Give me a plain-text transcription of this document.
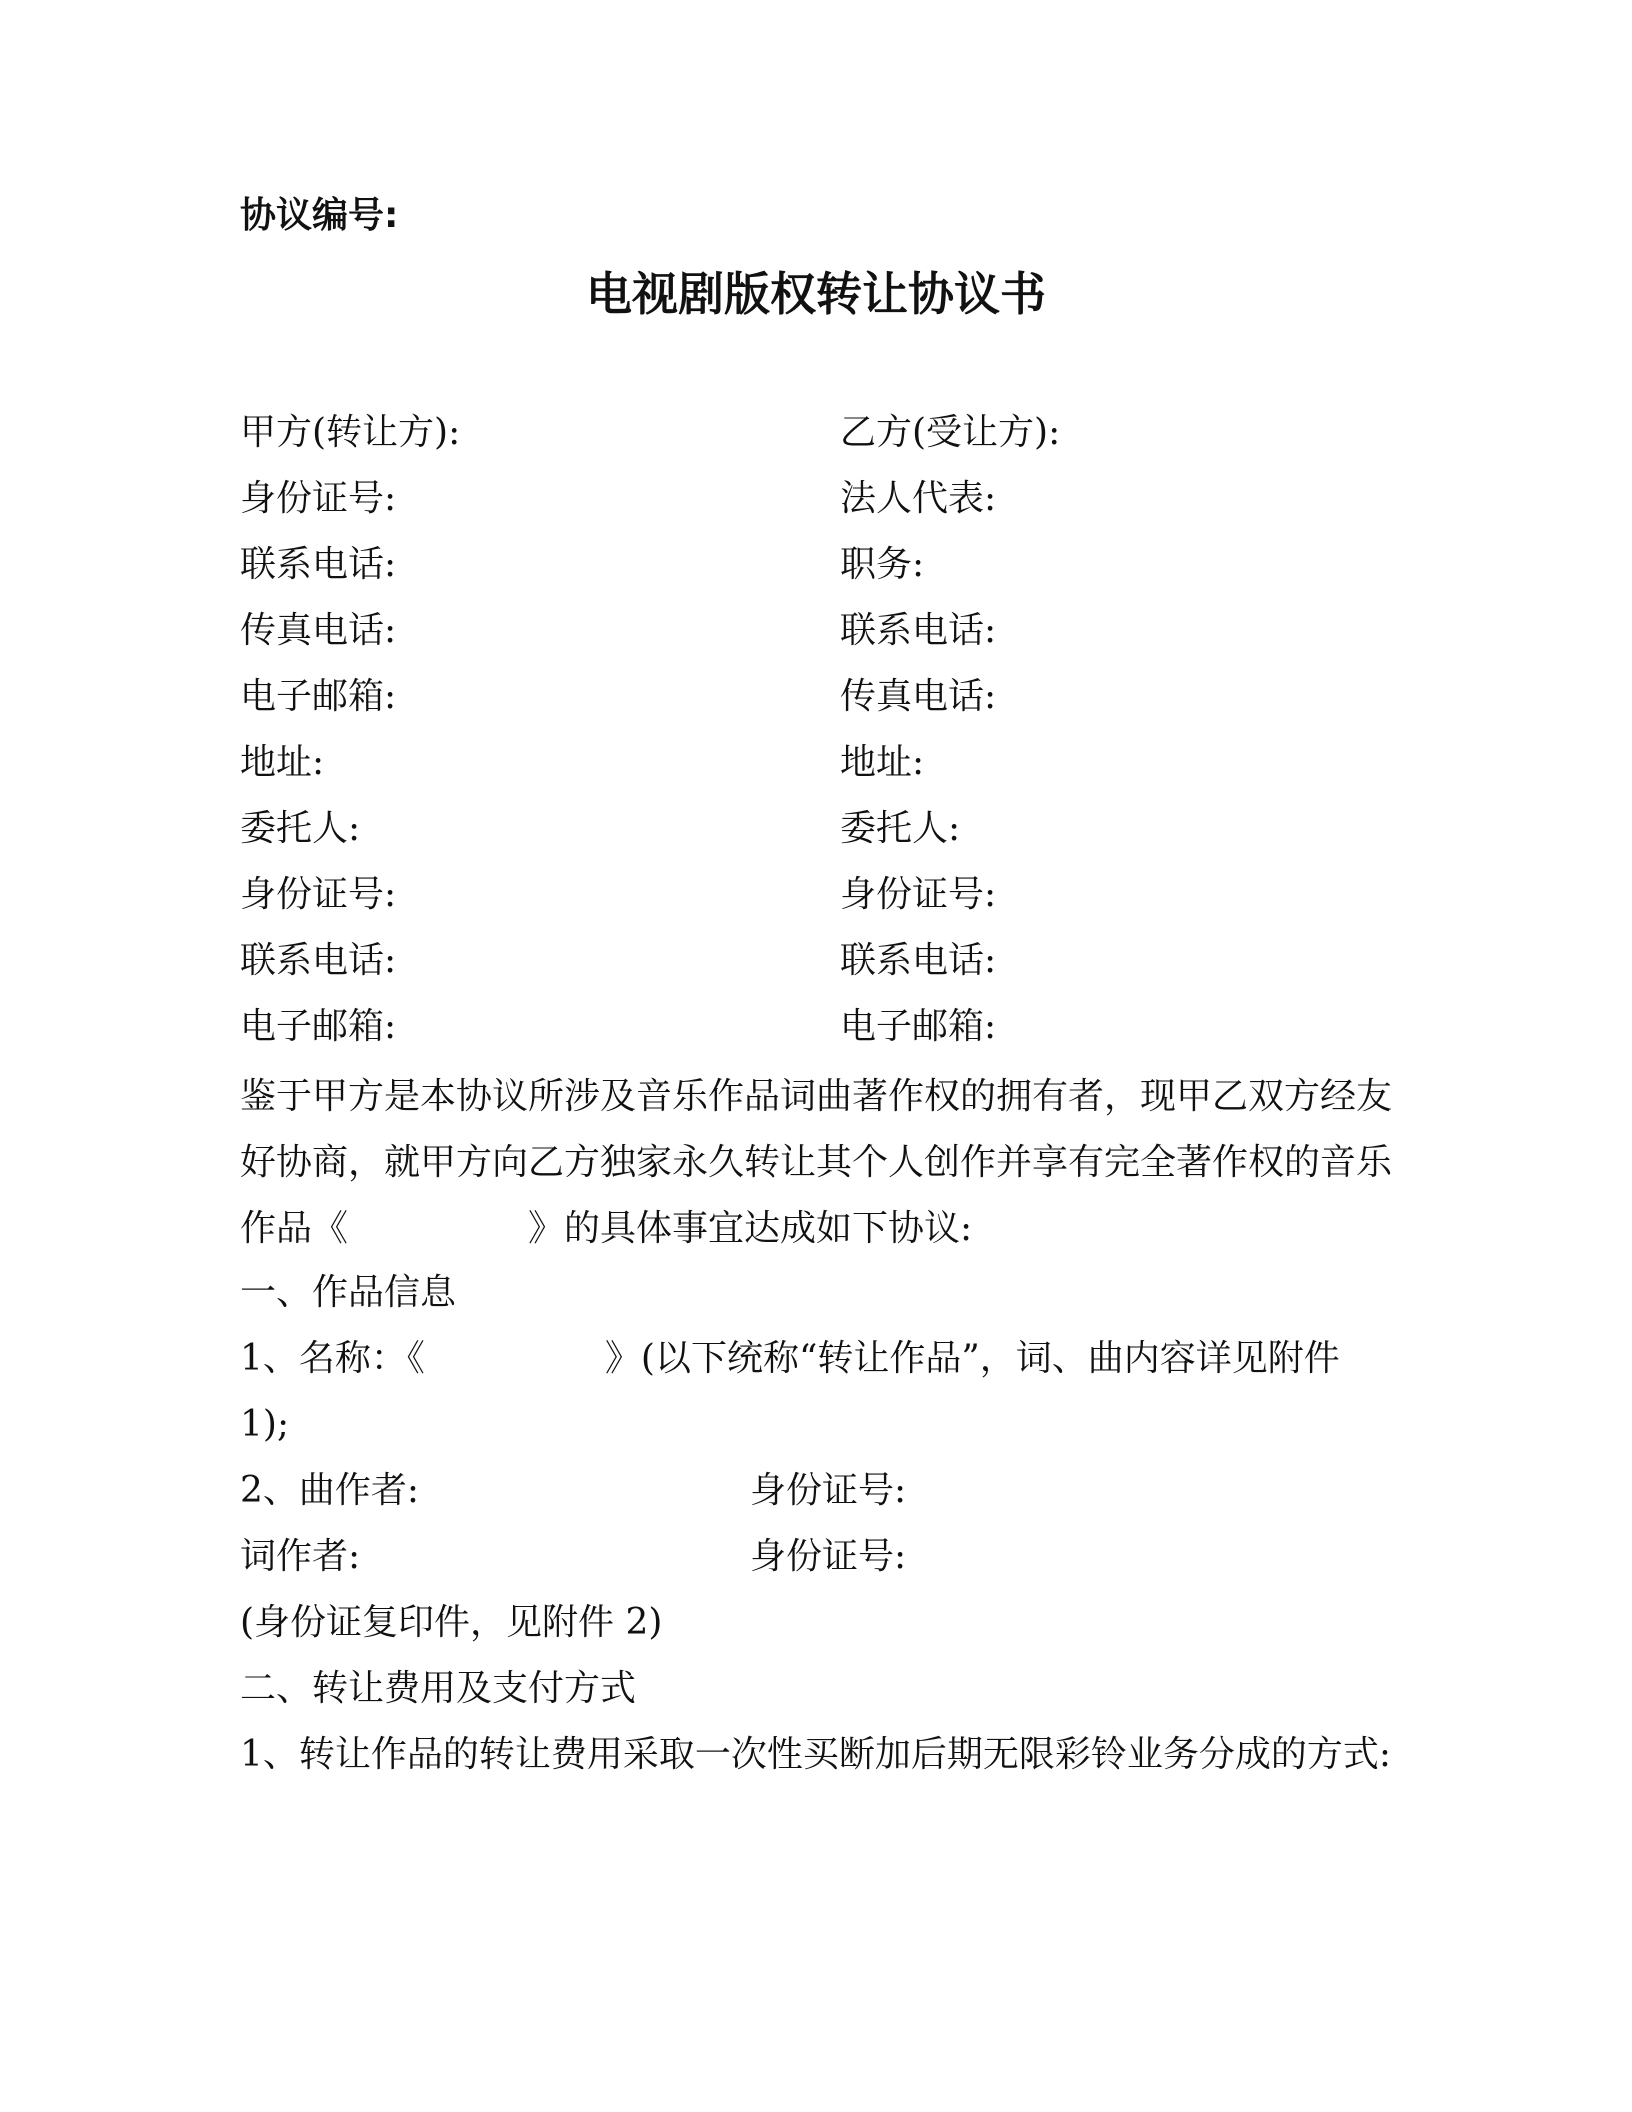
协议编号:
电视剧版权转让协议书
甲方(转让方):
身份证号:
联系电话:
传真电话:
电子邮箱:
地址:
委托人:
身份证号:
联系电话:
电子邮箱:
乙方(受让方):
法人代表:
职务:
联系电话:
传真电话:
地址:
委托人:
身份证号:
联系电话:
电子邮箱:
鉴于甲方是本协议所涉及音乐作品词曲著作权的拥有者，现甲乙双方经友好协商，就甲方向乙方独家永久转让其个人创作并享有完全著作权的音乐作品《　　　　　》的具体事宜达成如下协议:
一、作品信息
1、名称：《　　　　　》(以下统称“转让作品”，词、曲内容详见附件 1);
2、曲作者:	身份证号:
词作者:	身份证号:
(身份证复印件，见附件 2)
二、转让费用及支付方式
1、转让作品的转让费用采取一次性买断加后期无限彩铃业务分成的方式:
